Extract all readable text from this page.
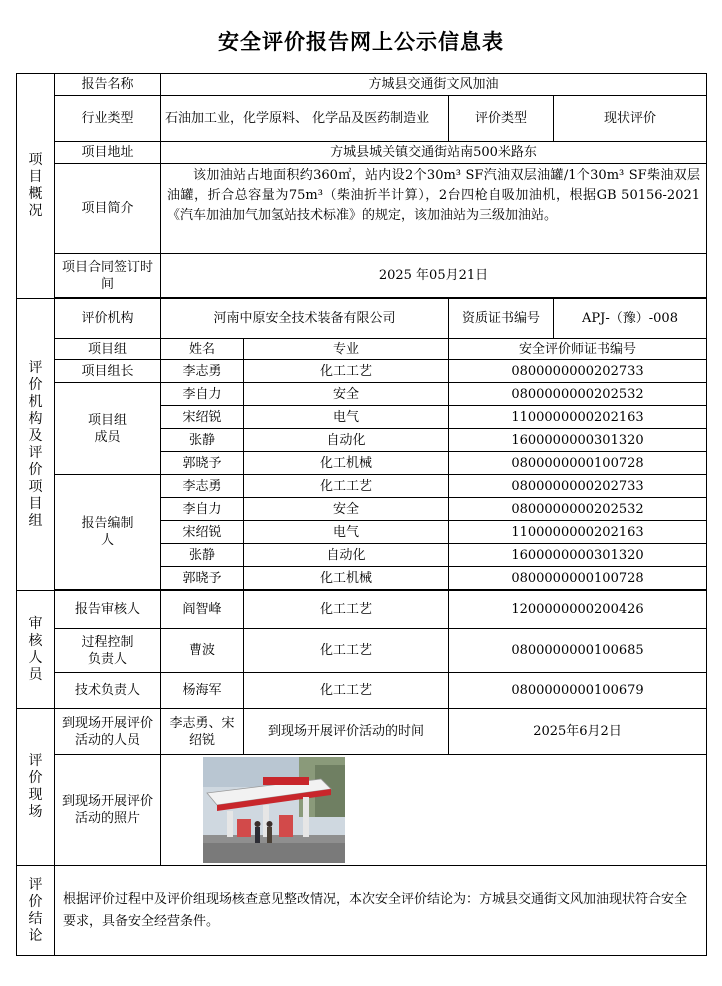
安全评价报告网上公示信息表
项目概况	报告名称	方城县交通街文风加油			
	行业类型	石油加工业，化学原料、 化学品及医药制造业		评价类型	现状评价
	项目地址	方城县城关镇交通街站南500米路东			
	项目简介	该加油站占地面积约360㎡，站内设2个30m³ SF汽油双层油罐/1个30m³ SF柴油双层油罐，折合总容量为75m³（柴油折半计算），2台四枪自吸加油机，根据GB 50156-2021《汽车加油加气加氢站技术标准》的规定，该加油站为三级加油站。			
	项目合同签订时间	2025 年05月21日			

评价机构及评价项目组	评价机构	河南中原安全技术装备有限公司		资质证书编号	APJ-（豫）-008
	项目组	姓名	专业	安全评价师证书编号	
	项目组长	李志勇	化工工艺	0800000000202733	

	项目组成员	李自力	安全	0800000000202532	
		宋绍锐	电气	1100000000202163	
		张静	自动化	1600000000301320	
		郭晓予	化工机械	0800000000100728	

	报告编制人	李志勇	化工工艺	0800000000202733	
		李自力	安全	0800000000202532	
		宋绍锐	电气	1100000000202163	
		张静	自动化	1600000000301320	
		郭晓予	化工机械	0800000000100728	

审核人员	报告审核人	阎智峰	化工工艺	1200000000200426	

	过程控制负责人	曹波	化工工艺	0800000000100685	
	技术负责人	杨海军	化工工艺	0800000000100679	

评价现场	到现场开展评价活动的人员	李志勇、宋绍锐	到现场开展评价活动的时间	2025年6月2日	
	到现场开展评价活动的照片	

评价结论	根据评价过程中及评价组现场核查意见整改情况，本次安全评价结论为：方城县交通街文风加油现状符合安全要求，具备安全经营条件。				
